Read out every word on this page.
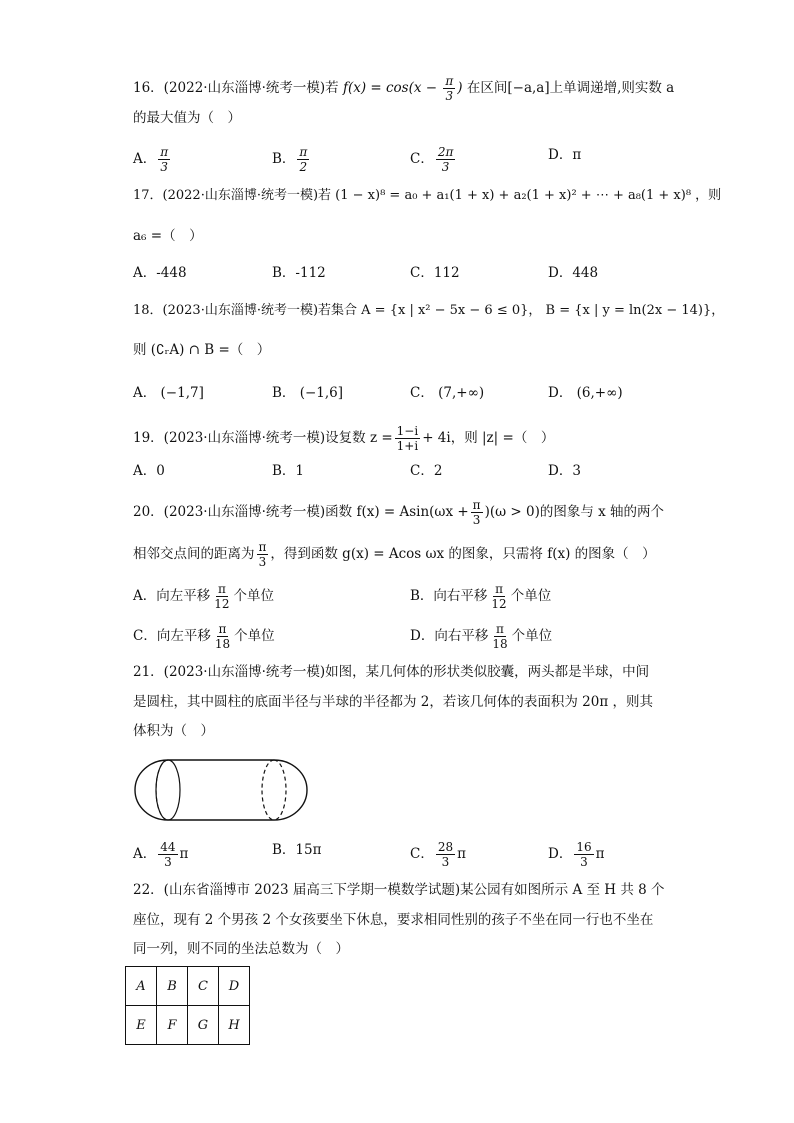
16．(2022·山东淄博·统考一模)若 $f(x) = \cos(x - \frac{\pi}{3}$ ) 在区间[−a,a]上单调递增,则实数 a
的最大值为（　）
A． $\frac{\pi}{3}$	B． $\frac{\pi}{2}$	C． $\frac{2\pi}{3}$	D．π
17．(2022·山东淄博·统考一模)若 (1 − x)⁸ = a₀ + a₁(1 + x) + a₂(1 + x)² + ⋯ + a₈(1 + x)⁸ ，则
a₆ =（　）
A．-448	B．-112	C．112	D．448
18．(2023·山东淄博·统考一模)若集合 A = {x | x² − 5x − 6 ≤ 0}， B = {x | y = ln(2x − 14)}，
则 (∁ᵣA) ∩ B =（　）
A． (−1,7]	B． (−1,6]	C． (7,+∞)	D． (6,+∞)
19．(2023·山东淄博·统考一模)设复数 $z = \frac{1-i}{1+i} + 4i$，则 |z| =（　）
A．0	B．1	C．2	D．3
20．(2023·山东淄博·统考一模)函数 $f(x) = Asin(\omega x + \frac{\pi}{3} )(\omega > 0)$的图象与 x 轴的两个
相邻交点间的距离为 $\frac{\pi}{3}$ ，得到函数 g(x) = Acos ωx 的图象，只需将 f(x) 的图象（　）
A．向左平移 $\frac{\pi}{12}$ 个单位	B．向右平移 $\frac{\pi}{12}$ 个单位
C．向左平移 $\frac{\pi}{18}$ 个单位	D．向右平移 $\frac{\pi}{18}$ 个单位
21．(2023·山东淄博·统考一模)如图，某几何体的形状类似胶囊，两头都是半球，中间
是圆柱，其中圆柱的底面半径与半球的半径都为 2，若该几何体的表面积为 20π ，则其
体积为（　）
A． $\frac{44}{3}$ π	B．15π	C． $\frac{28}{3}$ π	D． $\frac{16}{3}$ π
22．(山东省淄博市 2023 届高三下学期一模数学试题)某公园有如图所示 A 至 H 共 8 个
座位，现有 2 个男孩 2 个女孩要坐下休息，要求相同性别的孩子不坐在同一行也不坐在
同一列，则不同的坐法总数为（　）
A	B	C	D
E	F	G	H
